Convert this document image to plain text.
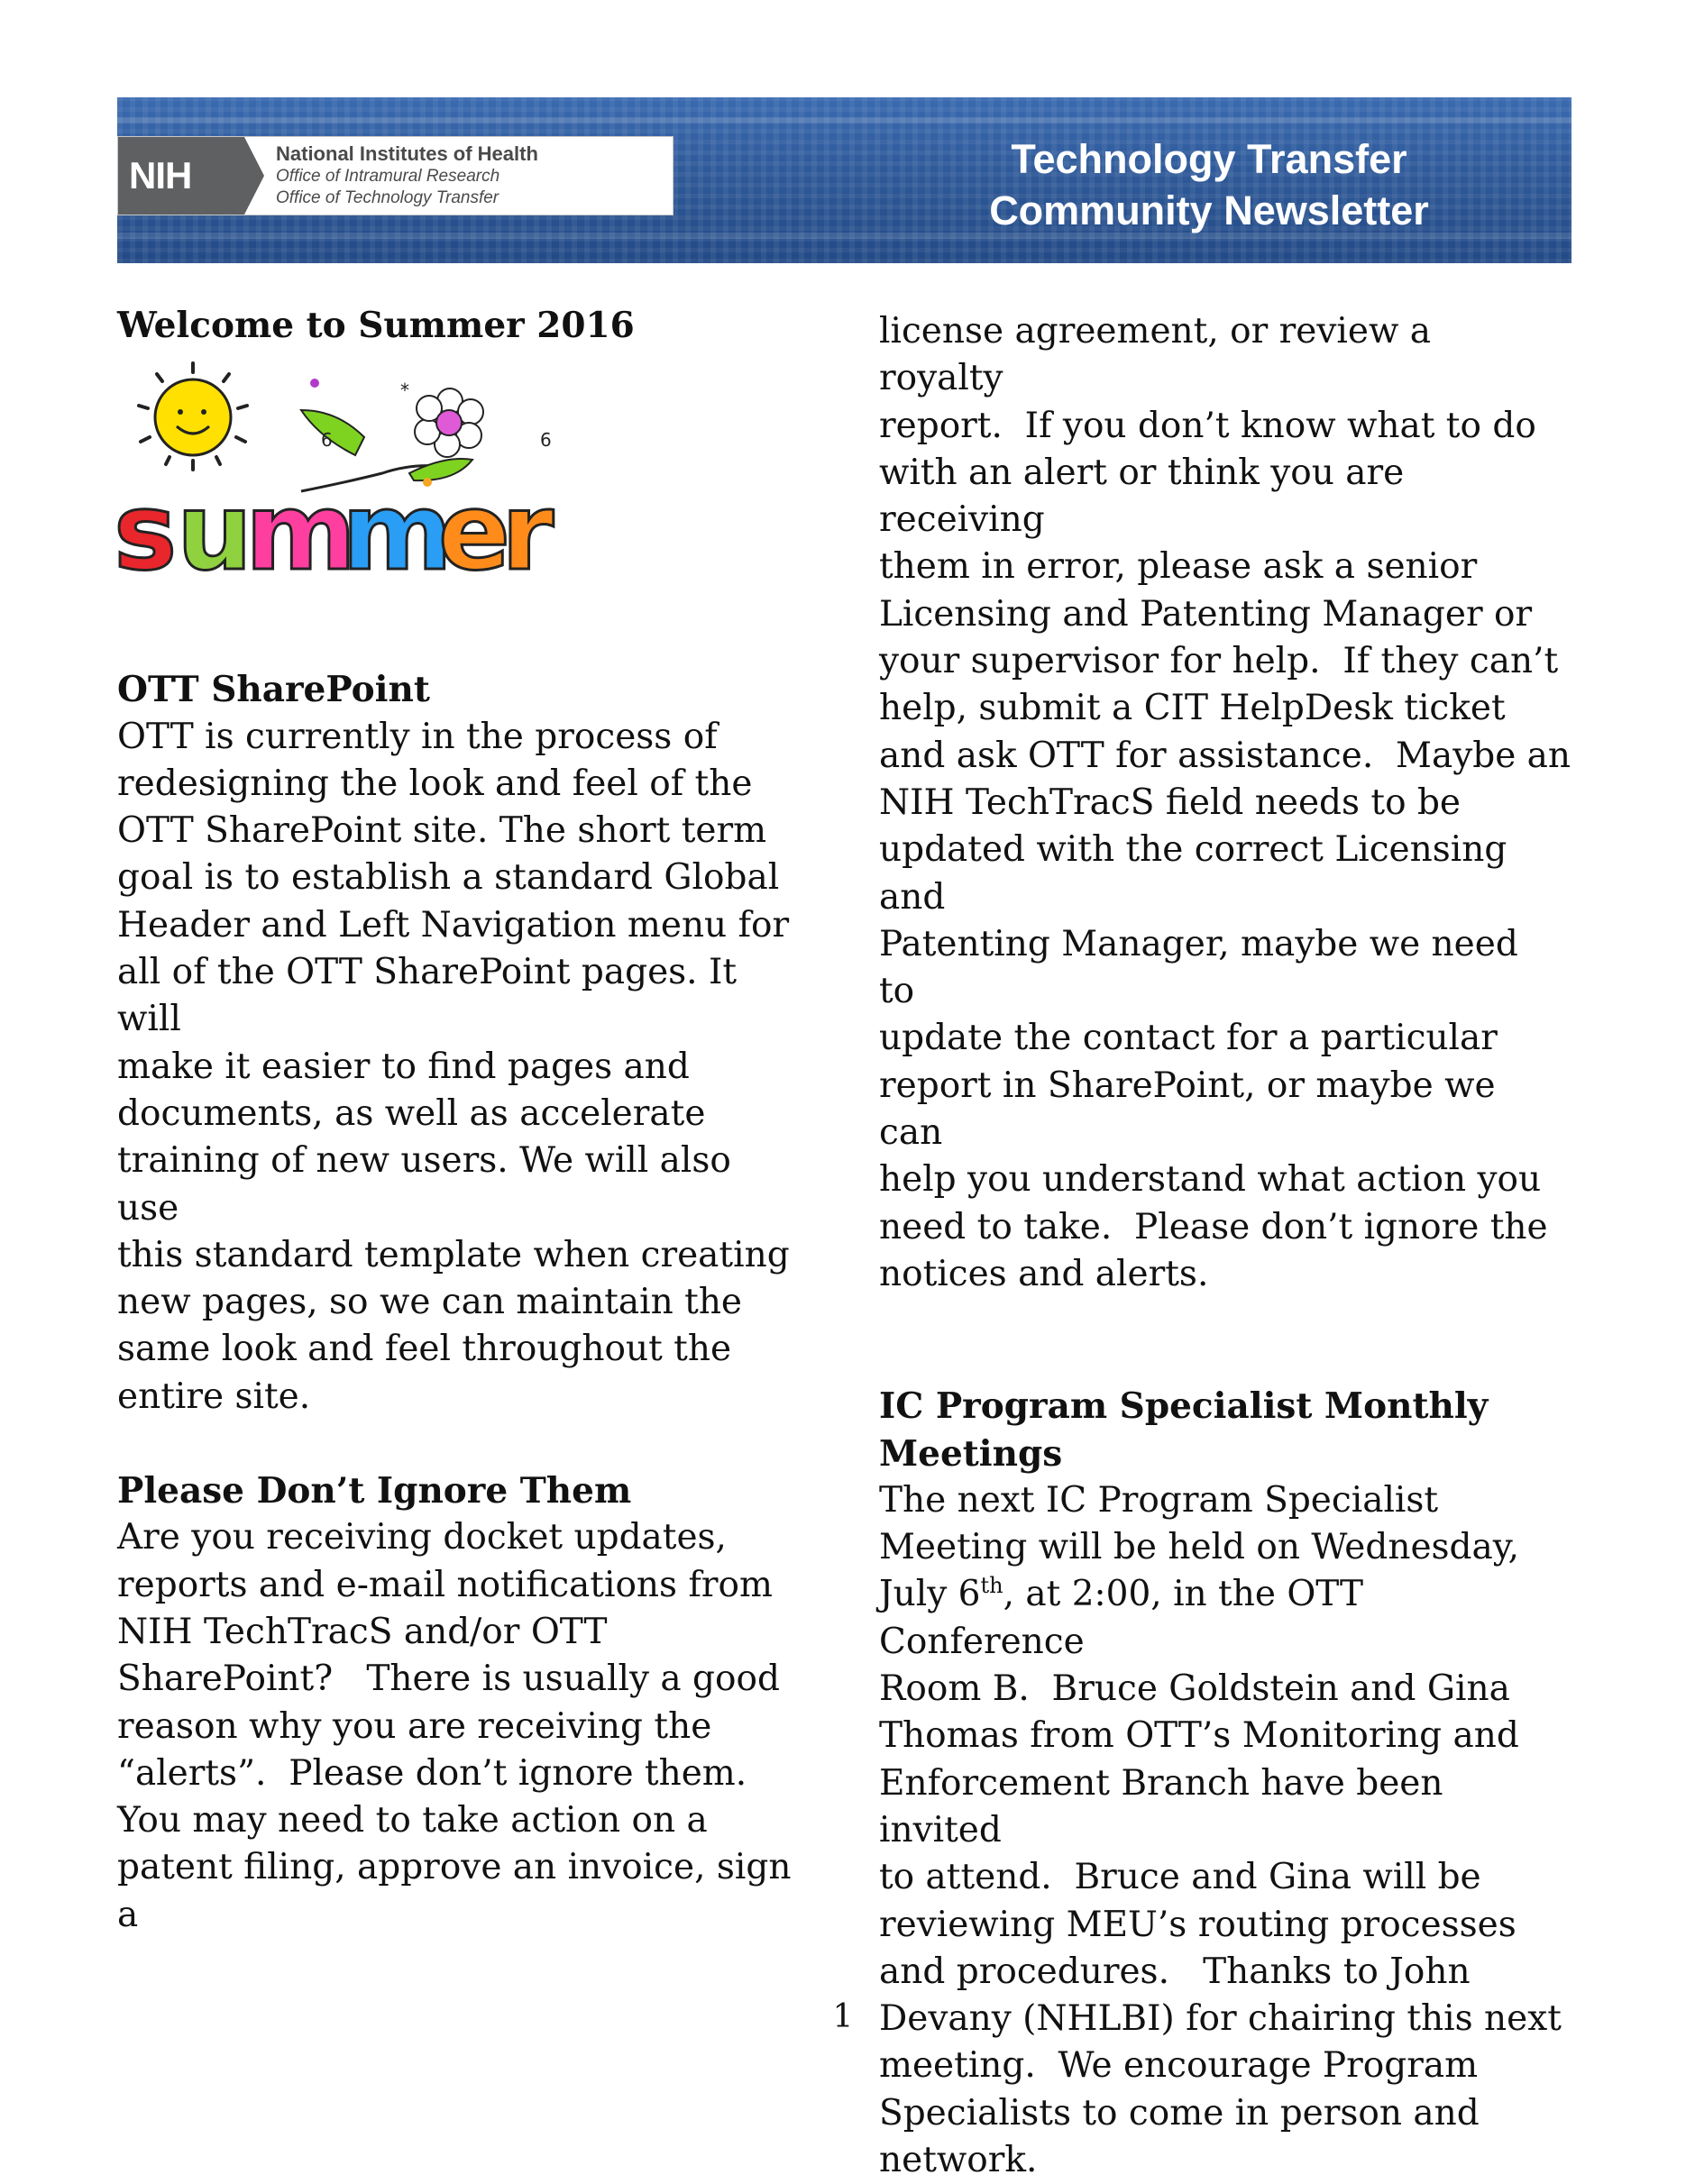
NIH
National Institutes of Health
Office of Intramural Research
Office of Technology Transfer
Technology Transfer
Community Newsletter

Welcome to Summer 2016

*
6	6
s u
m
m
e
r

OTT SharePoint

OTT is currently in the process of

redesigning the look and feel of the

OTT SharePoint site. The short term

goal is to establish a standard Global

Header and Left Navigation menu for

all of the OTT SharePoint pages. It will

make it easier to find pages and

documents, as well as accelerate

training of new users. We will also use

this standard template when creating

new pages, so we can maintain the

same look and feel throughout the

entire site.

Please Don’t Ignore Them

Are you receiving docket updates,

reports and e-mail notifications from

NIH TechTracS and/or OTT

SharePoint?   There is usually a good

reason why you are receiving the

“alerts”.  Please don’t ignore them.

You may need to take action on a

patent filing, approve an invoice, sign a

license agreement, or review a royalty

report.  If you don’t know what to do

with an alert or think you are receiving

them in error, please ask a senior

Licensing and Patenting Manager or

your supervisor for help.  If they can’t

help, submit a CIT HelpDesk ticket

and ask OTT for assistance.  Maybe an

NIH TechTracS field needs to be

updated with the correct Licensing and

Patenting Manager, maybe we need to

update the contact for a particular

report in SharePoint, or maybe we can

help you understand what action you

need to take.  Please don’t ignore the

notices and alerts.

IC Program Specialist Monthly

Meetings

The next IC Program Specialist

Meeting will be held on Wednesday,

July 6th, at 2:00, in the OTT Conference

Room B.  Bruce Goldstein and Gina

Thomas from OTT’s Monitoring and

Enforcement Branch have been invited

to attend.  Bruce and Gina will be

reviewing MEU’s routing processes

and procedures.   Thanks to John

Devany (NHLBI) for chairing this next

meeting.  We encourage Program

Specialists to come in person and

network.

1
